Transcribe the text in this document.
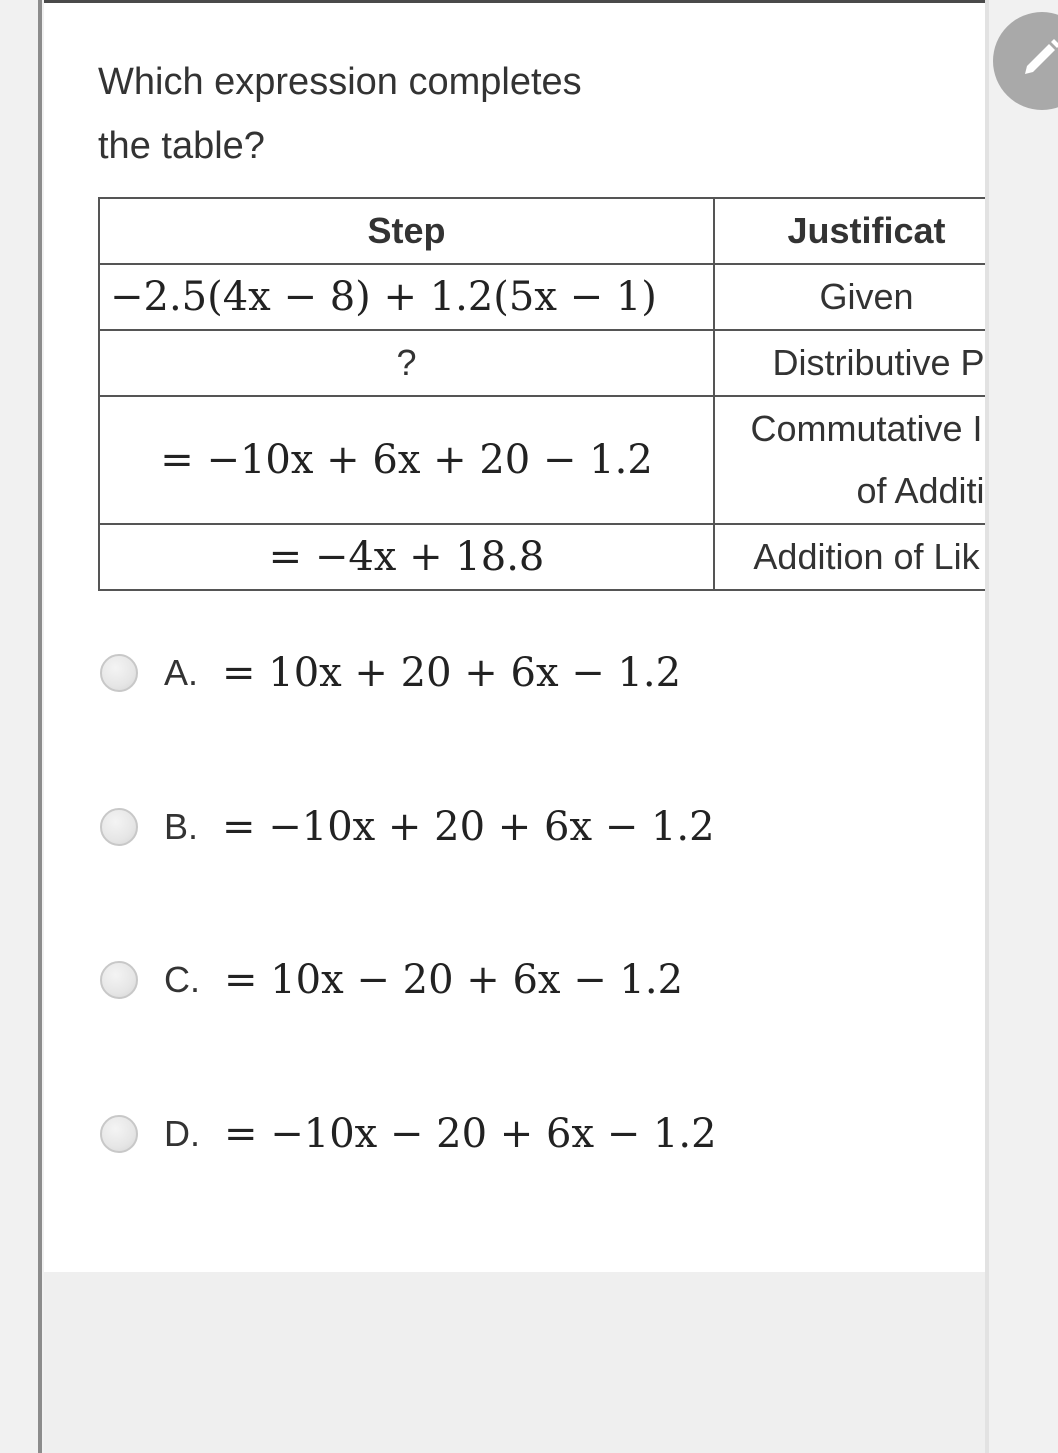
Which expression completes
the table?
Step	Justificat
−2.5(4x − 8) + 1.2(5x − 1)	Given
?	Distributive P
= −10x + 6x + 20 − 1.2	Commutative I
of Additi

= −4x + 18.8	Addition of Lik
A. = 10x + 20 + 6x − 1.2
B. = −10x + 20 + 6x − 1.2
C. = 10x − 20 + 6x − 1.2
D. = −10x − 20 + 6x − 1.2
